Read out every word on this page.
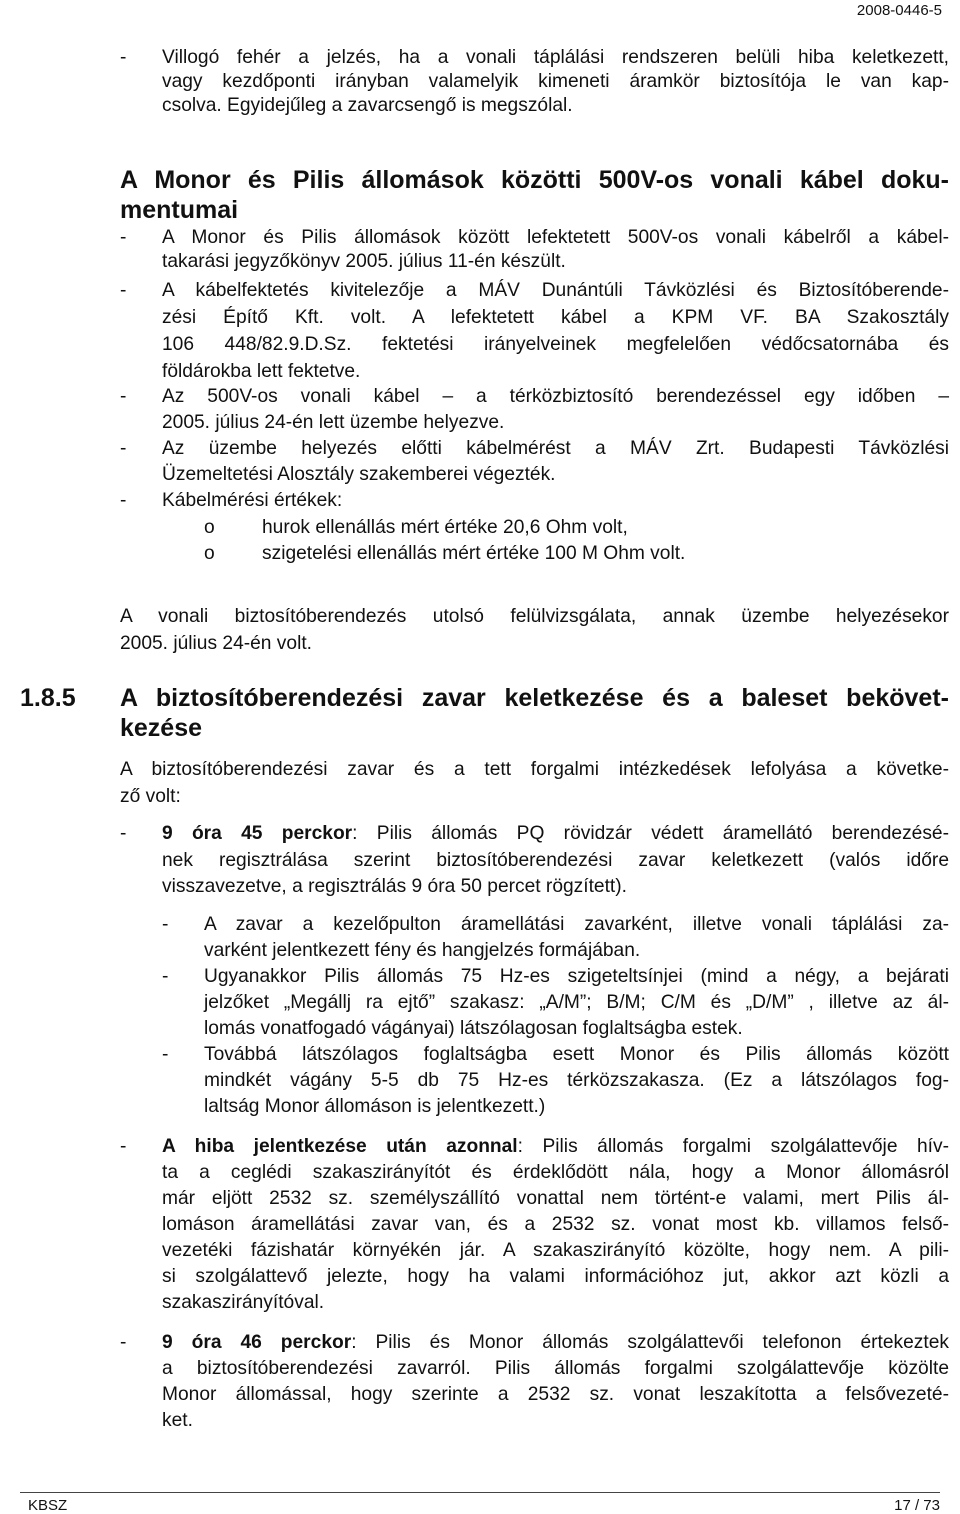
2008-0446-5
- Villogó fehér a jelzés, ha a vonali táplálási rendszeren belüli hiba keletkezett,
vagy kezdőponti irányban valamelyik kimeneti áramkör biztosítója le van kap-
csolva. Egyidejűleg a zavarcsengő is megszólal.
A Monor és Pilis állomások közötti 500V-os vonali kábel doku-
mentumai
- A Monor és Pilis állomások között lefektetett 500V-os vonali kábelről a kábel-
takarási jegyzőkönyv 2005. július 11-én készült.
- A kábelfektetés kivitelezője a MÁV Dunántúli Távközlési és Biztosítóberende-
zési Építő Kft. volt. A lefektetett kábel a KPM VF. BA Szakosztály
106 448/82.9.D.Sz. fektetési irányelveinek megfelelően védőcsatornába és
földárokba lett fektetve.
- Az 500V-os vonali kábel – a térközbiztosító berendezéssel egy időben –
2005. július 24-én lett üzembe helyezve.
- Az üzembe helyezés előtti kábelmérést a MÁV Zrt. Budapesti Távközlési
Üzemeltetési Alosztály szakemberei végezték.
- Kábelmérési értékek:
o hurok ellenállás mért értéke 20,6 Ohm volt,
o szigetelési ellenállás mért értéke 100 M Ohm volt.
A vonali biztosítóberendezés utolsó felülvizsgálata, annak üzembe helyezésekor
2005. július 24-én volt.
1.8.5 A biztosítóberendezési zavar keletkezése és a baleset bekövet-
kezése
A biztosítóberendezési zavar és a tett forgalmi intézkedések lefolyása a követke-
ző volt:
- 9 óra 45 perckor: Pilis állomás PQ rövidzár védett áramellátó berendezésé-
nek regisztrálása szerint biztosítóberendezési zavar keletkezett (valós időre
visszavezetve, a regisztrálás 9 óra 50 percet rögzített).
- A zavar a kezelőpulton áramellátási zavarként, illetve vonali táplálási za-
varként jelentkezett fény és hangjelzés formájában.
- Ugyanakkor Pilis állomás 75 Hz-es szigeteltsínjei (mind a négy, a bejárati
jelzőket „Megállj ra ejtő” szakasz: „A/M”; B/M; C/M és „D/M” , illetve az ál-
lomás vonatfogadó vágányai) látszólagosan foglaltságba estek.
- Továbbá látszólagos foglaltságba esett Monor és Pilis állomás között
mindkét vágány 5-5 db 75 Hz-es térközszakasza. (Ez a látszólagos fog-
laltság Monor állomáson is jelentkezett.)
- A hiba jelentkezése után azonnal: Pilis állomás forgalmi szolgálattevője hív-
ta a ceglédi szakaszirányítót és érdeklődött nála, hogy a Monor állomásról
már eljött 2532 sz. személyszállító vonattal nem történt-e valami, mert Pilis ál-
lomáson áramellátási zavar van, és a 2532 sz. vonat most kb. villamos felső-
vezetéki fázishatár környékén jár. A szakaszirányító közölte, hogy nem. A pili-
si szolgálattevő jelezte, hogy ha valami információhoz jut, akkor azt közli a
szakaszirányítóval.
- 9 óra 46 perckor: Pilis és Monor állomás szolgálattevői telefonon értekeztek
a biztosítóberendezési zavarról. Pilis állomás forgalmi szolgálattevője közölte
Monor állomással, hogy szerinte a 2532 sz. vonat leszakította a felsővezeté-
ket.
KBSZ	17 / 73
